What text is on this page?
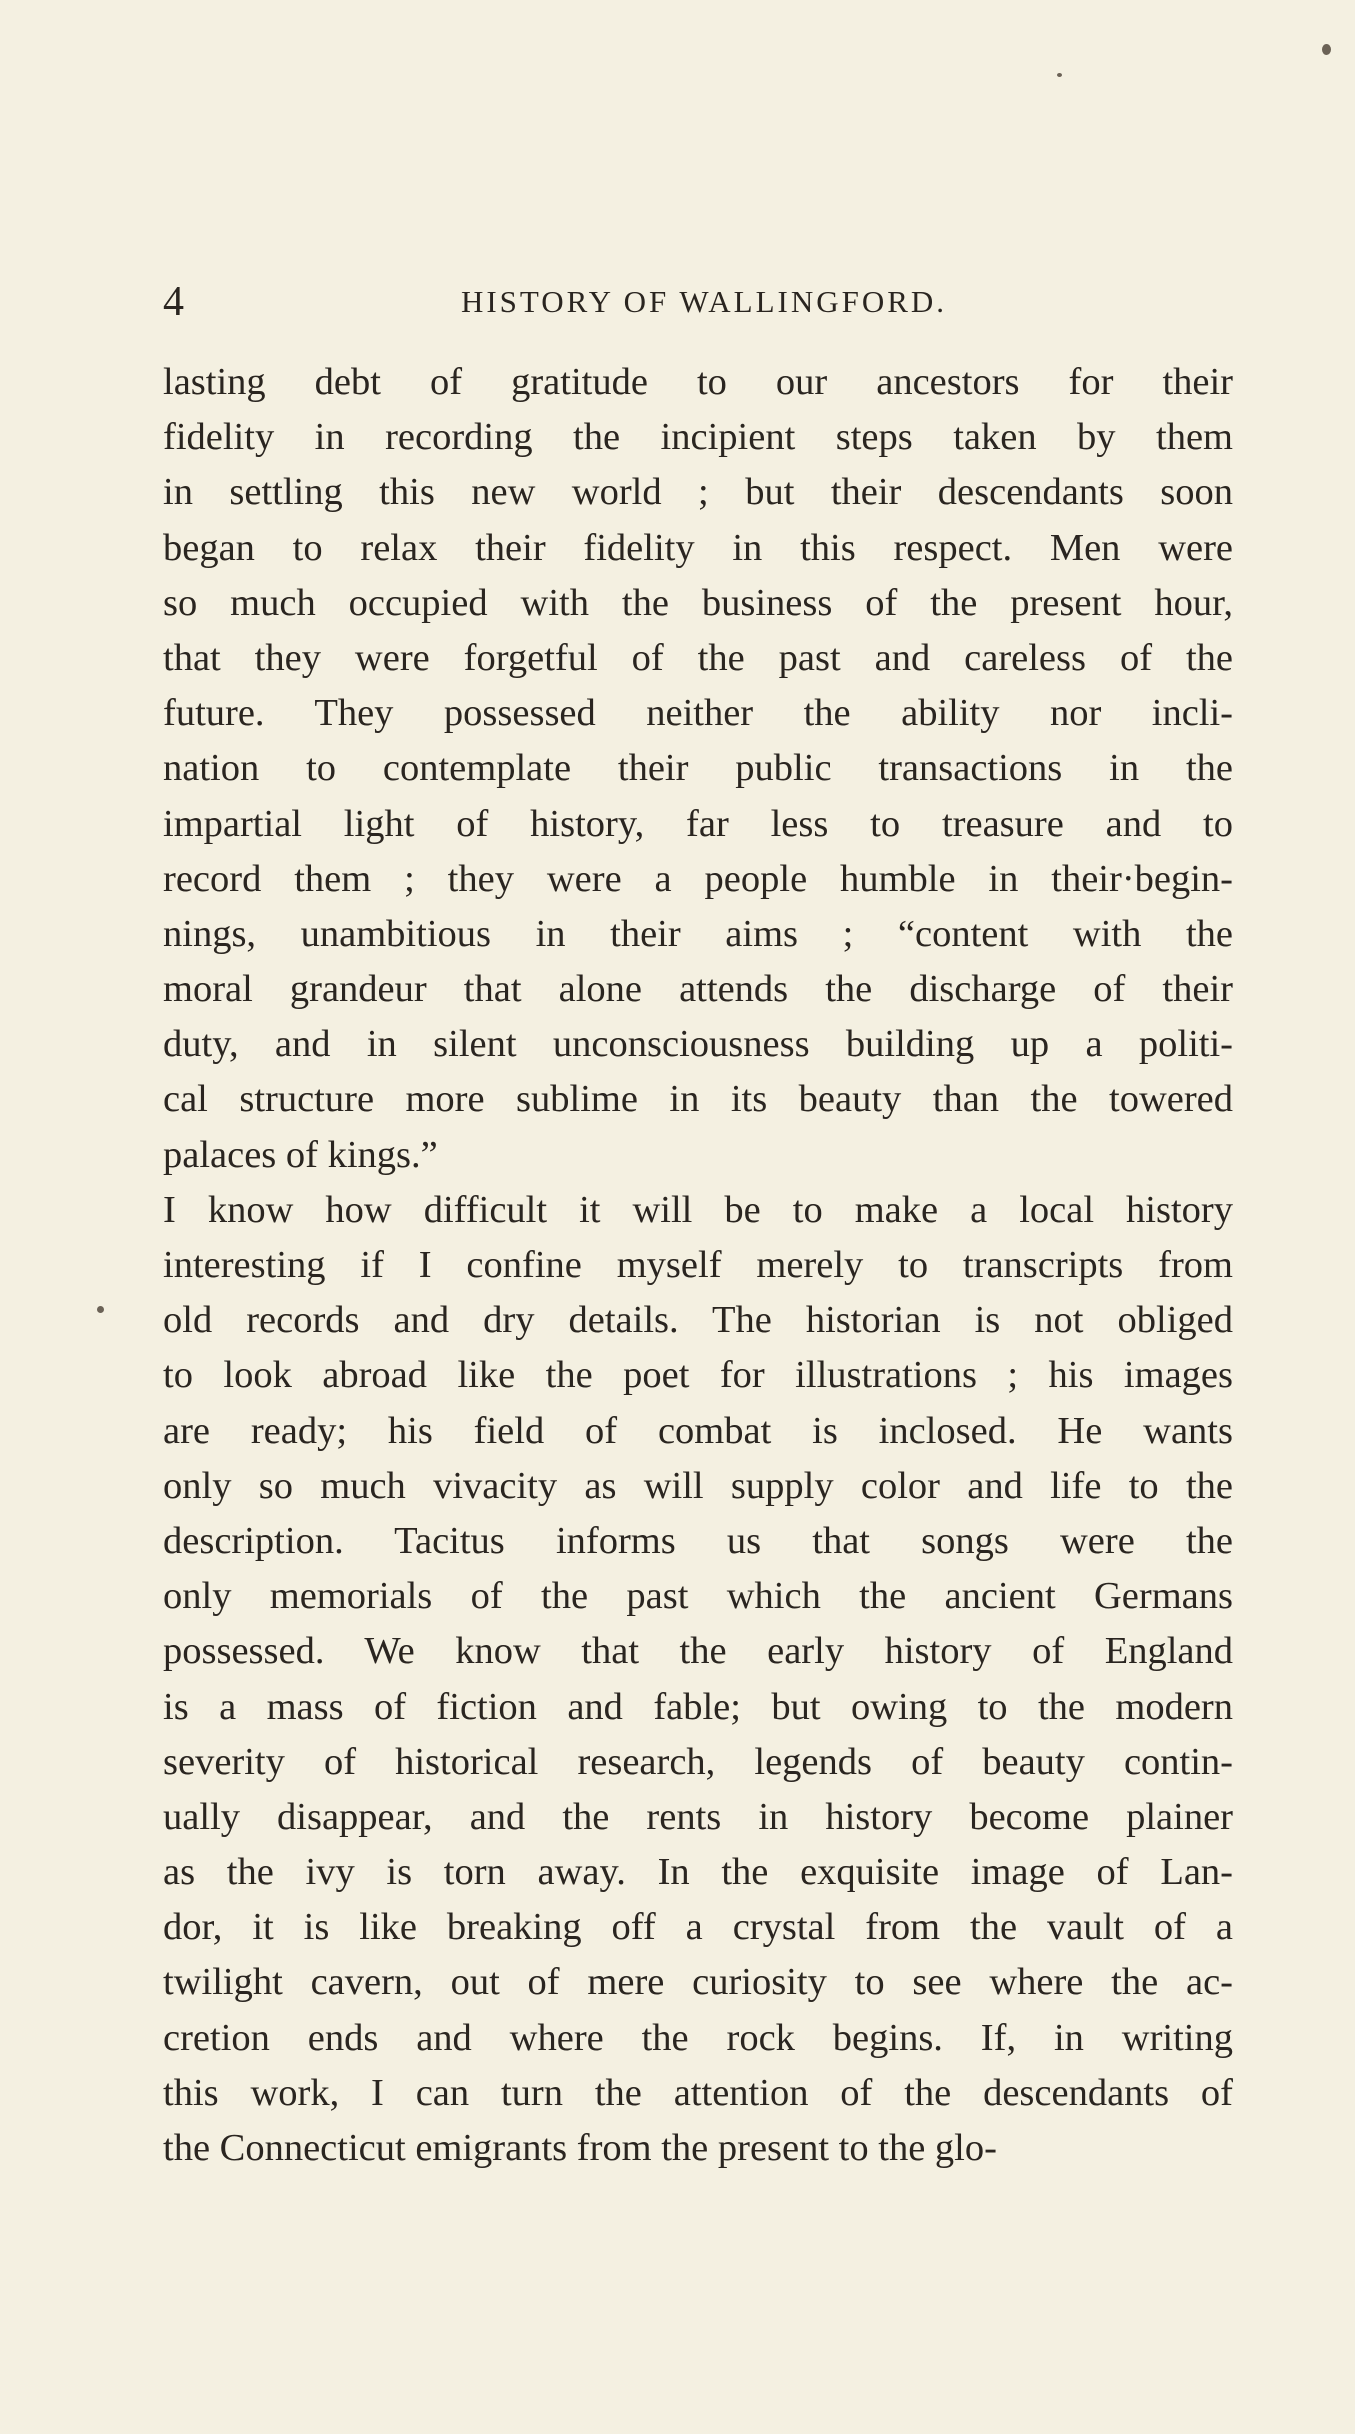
4	HISTORY OF WALLINGFORD.
lasting debt of gratitude to our ancestors for their
fidelity in recording the incipient steps taken by them
in settling this new world ; but their descendants soon
began to relax their fidelity in this respect. Men were
so much occupied with the business of the present hour,
that they were forgetful of the past and careless of the
future. They possessed neither the ability nor incli-
nation to contemplate their public transactions in the
impartial light of history, far less to treasure and to
record them ; they were a people humble in their·begin-
nings, unambitious in their aims ; “content with the
moral grandeur that alone attends the discharge of their
duty, and in silent unconsciousness building up a politi-
cal structure more sublime in its beauty than the towered
palaces of kings.”
I know how difficult it will be to make a local history
interesting if I confine myself merely to transcripts from
old records and dry details. The historian is not obliged
to look abroad like the poet for illustrations ; his images
are ready; his field of combat is inclosed. He wants
only so much vivacity as will supply color and life to the
description. Tacitus informs us that songs were the
only memorials of the past which the ancient Germans
possessed. We know that the early history of England
is a mass of fiction and fable; but owing to the modern
severity of historical research, legends of beauty contin-
ually disappear, and the rents in history become plainer
as the ivy is torn away. In the exquisite image of Lan-
dor, it is like breaking off a crystal from the vault of a
twilight cavern, out of mere curiosity to see where the ac-
cretion ends and where the rock begins. If, in writing
this work, I can turn the attention of the descendants of
the Connecticut emigrants from the present to the glo-
